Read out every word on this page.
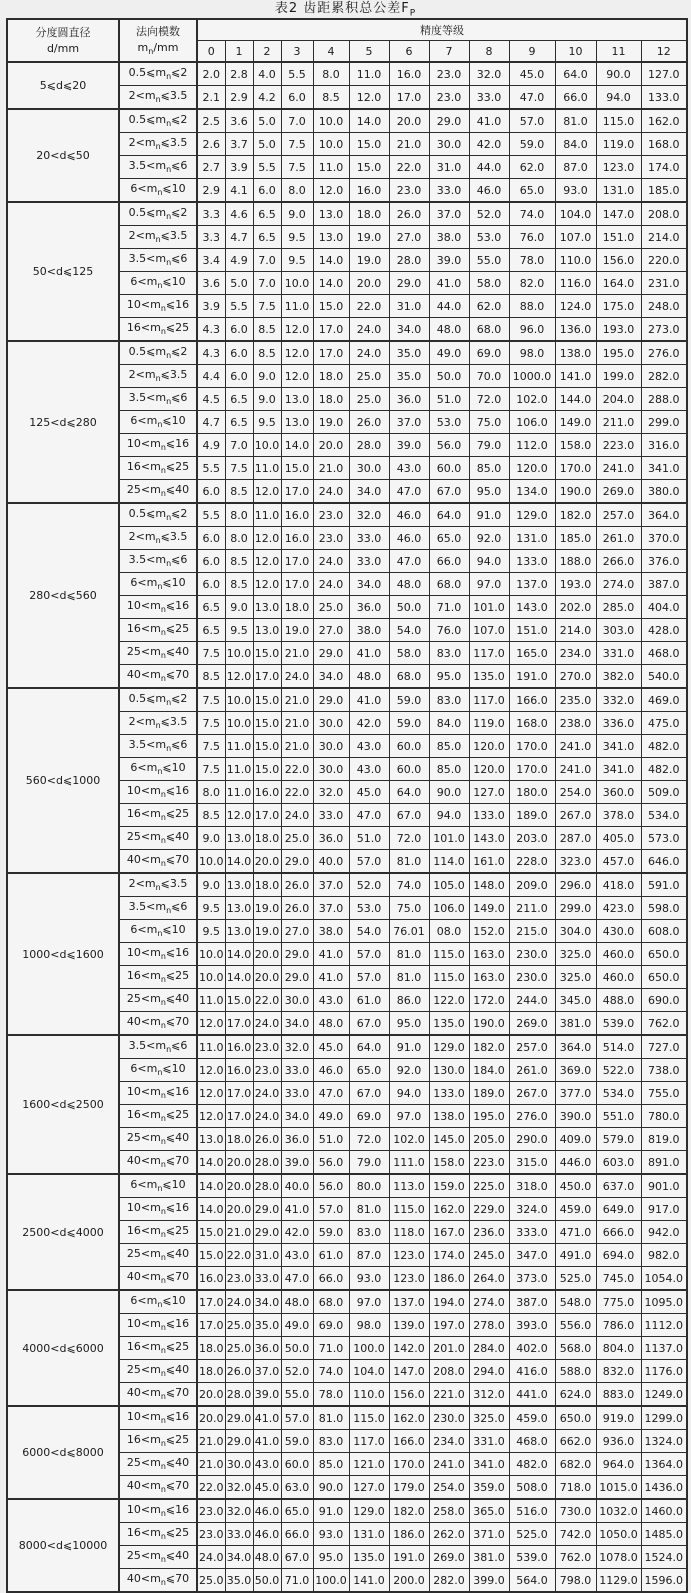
表2 齿距累积总公差$F_P$
分度圆直径
d/mm

法向模数
$m_n/mm$
	精度等级
		0	1	2	3	4	5	6	7	8	9	10	11	12
5⩽d⩽20	$0.5⩽m_n⩽2$	2.0	2.8	4.0	5.5	8.0	11.0	16.0	23.0	32.0	45.0	64.0	90.0	127.0
	$2<m_n⩽3.5$	2.1	2.9	4.2	6.0	8.5	12.0	17.0	23.0	33.0	47.0	66.0	94.0	133.0
20<d⩽50	$0.5⩽m_n⩽2$	2.5	3.6	5.0	7.0	10.0	14.0	20.0	29.0	41.0	57.0	81.0	115.0	162.0
	$2<m_n⩽3.5$	2.6	3.7	5.0	7.5	10.0	15.0	21.0	30.0	42.0	59.0	84.0	119.0	168.0
	$3.5<m_n⩽6$	2.7	3.9	5.5	7.5	11.0	15.0	22.0	31.0	44.0	62.0	87.0	123.0	174.0
	$6<m_n⩽10$	2.9	4.1	6.0	8.0	12.0	16.0	23.0	33.0	46.0	65.0	93.0	131.0	185.0
50<d⩽125	$0.5⩽m_n⩽2$	3.3	4.6	6.5	9.0	13.0	18.0	26.0	37.0	52.0	74.0	104.0	147.0	208.0
	$2<m_n⩽3.5$	3.3	4.7	6.5	9.5	13.0	19.0	27.0	38.0	53.0	76.0	107.0	151.0	214.0
	$3.5<m_n⩽6$	3.4	4.9	7.0	9.5	14.0	19.0	28.0	39.0	55.0	78.0	110.0	156.0	220.0
	$6<m_n⩽10$	3.6	5.0	7.0	10.0	14.0	20.0	29.0	41.0	58.0	82.0	116.0	164.0	231.0
	$10<m_n⩽16$	3.9	5.5	7.5	11.0	15.0	22.0	31.0	44.0	62.0	88.0	124.0	175.0	248.0
	$16<m_n⩽25$	4.3	6.0	8.5	12.0	17.0	24.0	34.0	48.0	68.0	96.0	136.0	193.0	273.0
125<d⩽280	$0.5⩽m_n⩽2$	4.3	6.0	8.5	12.0	17.0	24.0	35.0	49.0	69.0	98.0	138.0	195.0	276.0
	$2<m_n⩽3.5$	4.4	6.0	9.0	12.0	18.0	25.0	35.0	50.0	70.0	1000.0	141.0	199.0	282.0
	$3.5<m_n⩽6$	4.5	6.5	9.0	13.0	18.0	25.0	36.0	51.0	72.0	102.0	144.0	204.0	288.0
	$6<m_n⩽10$	4.7	6.5	9.5	13.0	19.0	26.0	37.0	53.0	75.0	106.0	149.0	211.0	299.0
	$10<m_n⩽16$	4.9	7.0	10.0	14.0	20.0	28.0	39.0	56.0	79.0	112.0	158.0	223.0	316.0
	$16<m_n⩽25$	5.5	7.5	11.0	15.0	21.0	30.0	43.0	60.0	85.0	120.0	170.0	241.0	341.0
	$25<m_n⩽40$	6.0	8.5	12.0	17.0	24.0	34.0	47.0	67.0	95.0	134.0	190.0	269.0	380.0
280<d⩽560	$0.5⩽m_n⩽2$	5.5	8.0	11.0	16.0	23.0	32.0	46.0	64.0	91.0	129.0	182.0	257.0	364.0
	$2<m_n⩽3.5$	6.0	8.0	12.0	16.0	23.0	33.0	46.0	65.0	92.0	131.0	185.0	261.0	370.0
	$3.5<m_n⩽6$	6.0	8.5	12.0	17.0	24.0	33.0	47.0	66.0	94.0	133.0	188.0	266.0	376.0
	$6<m_n⩽10$	6.0	8.5	12.0	17.0	24.0	34.0	48.0	68.0	97.0	137.0	193.0	274.0	387.0
	$10<m_n⩽16$	6.5	9.0	13.0	18.0	25.0	36.0	50.0	71.0	101.0	143.0	202.0	285.0	404.0
	$16<m_n⩽25$	6.5	9.5	13.0	19.0	27.0	38.0	54.0	76.0	107.0	151.0	214.0	303.0	428.0
	$25<m_n⩽40$	7.5	10.0	15.0	21.0	29.0	41.0	58.0	83.0	117.0	165.0	234.0	331.0	468.0
	$40<m_n⩽70$	8.5	12.0	17.0	24.0	34.0	48.0	68.0	95.0	135.0	191.0	270.0	382.0	540.0
560<d⩽1000	$0.5⩽m_n⩽2$	7.5	10.0	15.0	21.0	29.0	41.0	59.0	83.0	117.0	166.0	235.0	332.0	469.0
	$2<m_n⩽3.5$	7.5	10.0	15.0	21.0	30.0	42.0	59.0	84.0	119.0	168.0	238.0	336.0	475.0
	$3.5<m_n⩽6$	7.5	11.0	15.0	21.0	30.0	43.0	60.0	85.0	120.0	170.0	241.0	341.0	482.0
	$6<m_n⩽10$	7.5	11.0	15.0	22.0	30.0	43.0	60.0	85.0	120.0	170.0	241.0	341.0	482.0
	$10<m_n⩽16$	8.0	11.0	16.0	22.0	32.0	45.0	64.0	90.0	127.0	180.0	254.0	360.0	509.0
	$16<m_n⩽25$	8.5	12.0	17.0	24.0	33.0	47.0	67.0	94.0	133.0	189.0	267.0	378.0	534.0
	$25<m_n⩽40$	9.0	13.0	18.0	25.0	36.0	51.0	72.0	101.0	143.0	203.0	287.0	405.0	573.0
	$40<m_n⩽70$	10.0	14.0	20.0	29.0	40.0	57.0	81.0	114.0	161.0	228.0	323.0	457.0	646.0
1000<d⩽1600	$2<m_n⩽3.5$	9.0	13.0	18.0	26.0	37.0	52.0	74.0	105.0	148.0	209.0	296.0	418.0	591.0
	$3.5<m_n⩽6$	9.5	13.0	19.0	26.0	37.0	53.0	75.0	106.0	149.0	211.0	299.0	423.0	598.0
	$6<m_n⩽10$	9.5	13.0	19.0	27.0	38.0	54.0	76.01	08.0	152.0	215.0	304.0	430.0	608.0
	$10<m_n⩽16$	10.0	14.0	20.0	29.0	41.0	57.0	81.0	115.0	163.0	230.0	325.0	460.0	650.0
	$16<m_n⩽25$	10.0	14.0	20.0	29.0	41.0	57.0	81.0	115.0	163.0	230.0	325.0	460.0	650.0
	$25<m_n⩽40$	11.0	15.0	22.0	30.0	43.0	61.0	86.0	122.0	172.0	244.0	345.0	488.0	690.0
	$40<m_n⩽70$	12.0	17.0	24.0	34.0	48.0	67.0	95.0	135.0	190.0	269.0	381.0	539.0	762.0
1600<d⩽2500	$3.5<m_n⩽6$	11.0	16.0	23.0	32.0	45.0	64.0	91.0	129.0	182.0	257.0	364.0	514.0	727.0
	$6<m_n⩽10$	12.0	16.0	23.0	33.0	46.0	65.0	92.0	130.0	184.0	261.0	369.0	522.0	738.0
	$10<m_n⩽16$	12.0	17.0	24.0	33.0	47.0	67.0	94.0	133.0	189.0	267.0	377.0	534.0	755.0
	$16<m_n⩽25$	12.0	17.0	24.0	34.0	49.0	69.0	97.0	138.0	195.0	276.0	390.0	551.0	780.0
	$25<m_n⩽40$	13.0	18.0	26.0	36.0	51.0	72.0	102.0	145.0	205.0	290.0	409.0	579.0	819.0
	$40<m_n⩽70$	14.0	20.0	28.0	39.0	56.0	79.0	111.0	158.0	223.0	315.0	446.0	603.0	891.0
2500<d⩽4000	$6<m_n⩽10$	14.0	20.0	28.0	40.0	56.0	80.0	113.0	159.0	225.0	318.0	450.0	637.0	901.0
	$10<m_n⩽16$	14.0	20.0	29.0	41.0	57.0	81.0	115.0	162.0	229.0	324.0	459.0	649.0	917.0
	$16<m_n⩽25$	15.0	21.0	29.0	42.0	59.0	83.0	118.0	167.0	236.0	333.0	471.0	666.0	942.0
	$25<m_n⩽40$	15.0	22.0	31.0	43.0	61.0	87.0	123.0	174.0	245.0	347.0	491.0	694.0	982.0
	$40<m_n⩽70$	16.0	23.0	33.0	47.0	66.0	93.0	123.0	186.0	264.0	373.0	525.0	745.0	1054.0
4000<d⩽6000	$6<m_n⩽10$	17.0	24.0	34.0	48.0	68.0	97.0	137.0	194.0	274.0	387.0	548.0	775.0	1095.0
	$10<m_n⩽16$	17.0	25.0	35.0	49.0	69.0	98.0	139.0	197.0	278.0	393.0	556.0	786.0	1112.0
	$16<m_n⩽25$	18.0	25.0	36.0	50.0	71.0	100.0	142.0	201.0	284.0	402.0	568.0	804.0	1137.0
	$25<m_n⩽40$	18.0	26.0	37.0	52.0	74.0	104.0	147.0	208.0	294.0	416.0	588.0	832.0	1176.0
	$40<m_n⩽70$	20.0	28.0	39.0	55.0	78.0	110.0	156.0	221.0	312.0	441.0	624.0	883.0	1249.0
6000<d⩽8000	$10<m_n⩽16$	20.0	29.0	41.0	57.0	81.0	115.0	162.0	230.0	325.0	459.0	650.0	919.0	1299.0
	$16<m_n⩽25$	21.0	29.0	41.0	59.0	83.0	117.0	166.0	234.0	331.0	468.0	662.0	936.0	1324.0
	$25<m_n⩽40$	21.0	30.0	43.0	60.0	85.0	121.0	170.0	241.0	341.0	482.0	682.0	964.0	1364.0
	$40<m_n⩽70$	22.0	32.0	45.0	63.0	90.0	127.0	179.0	254.0	359.0	508.0	718.0	1015.0	1436.0
8000<d⩽10000	$10<m_n⩽16$	23.0	32.0	46.0	65.0	91.0	129.0	182.0	258.0	365.0	516.0	730.0	1032.0	1460.0
	$16<m_n⩽25$	23.0	33.0	46.0	66.0	93.0	131.0	186.0	262.0	371.0	525.0	742.0	1050.0	1485.0
	$25<m_n⩽40$	24.0	34.0	48.0	67.0	95.0	135.0	191.0	269.0	381.0	539.0	762.0	1078.0	1524.0
	$40<m_n⩽70$	25.0	35.0	50.0	71.0	100.0	141.0	200.0	282.0	399.0	564.0	798.0	1129.0	1596.0
